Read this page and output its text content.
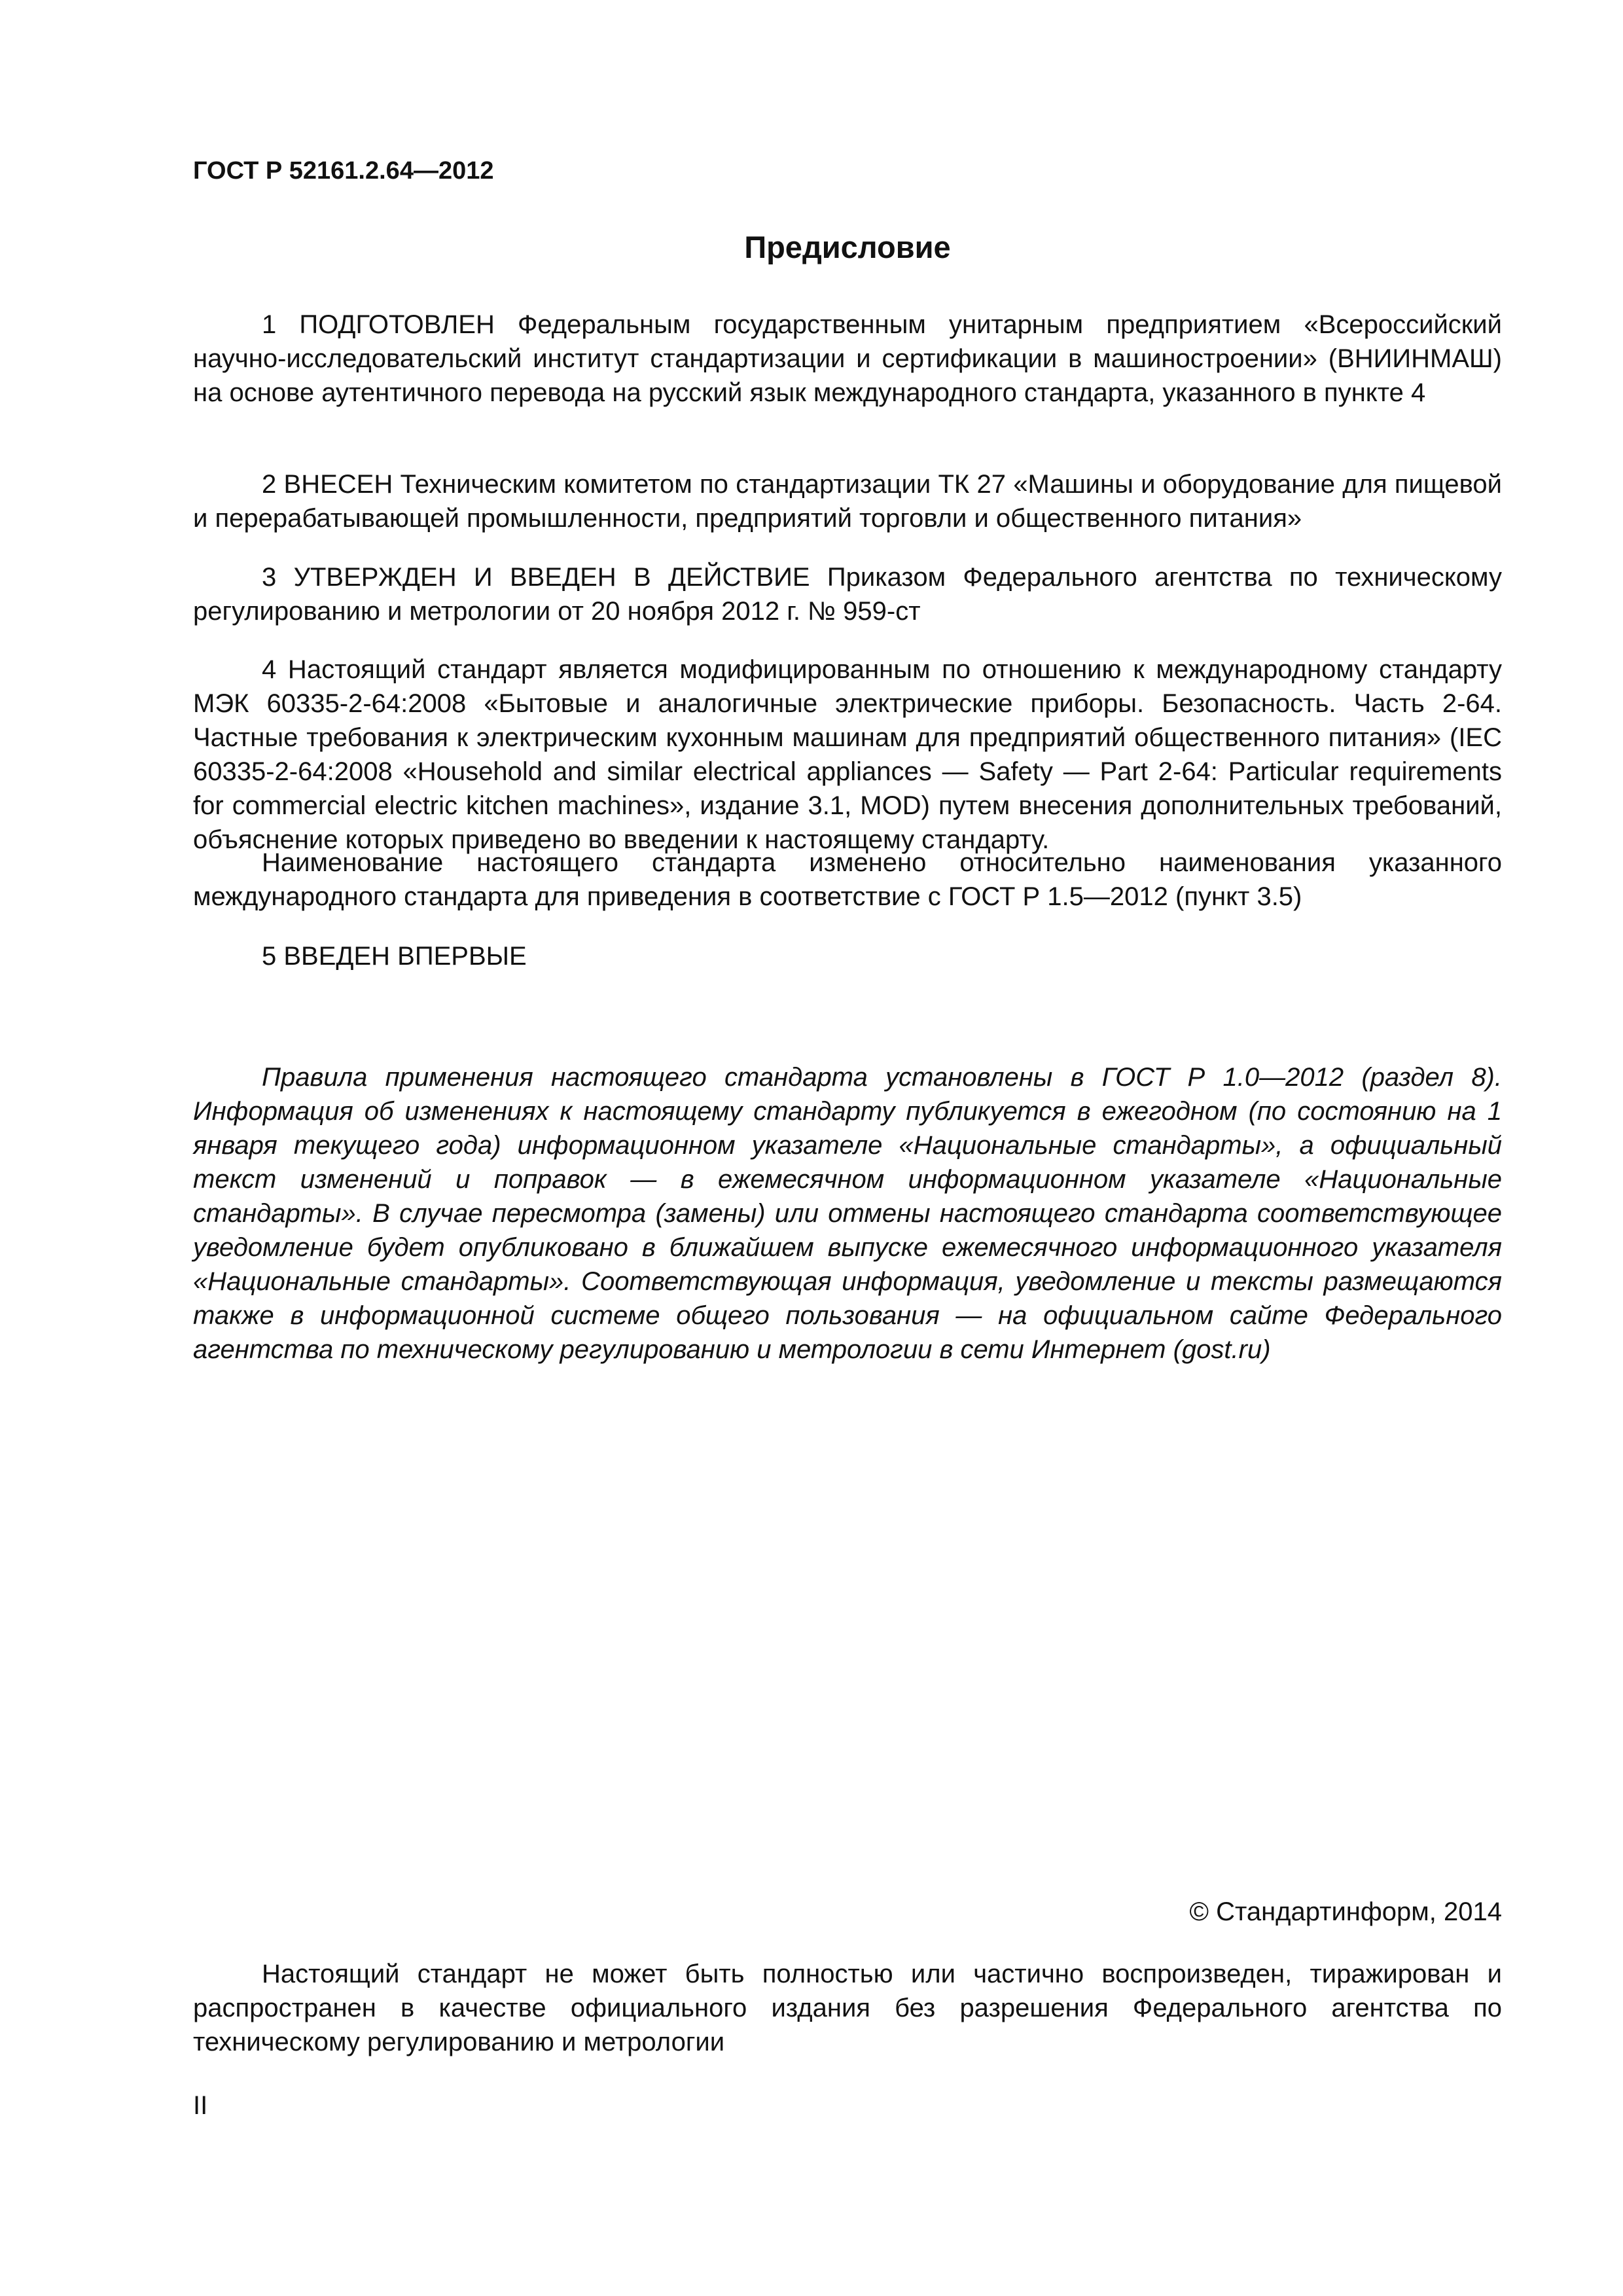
ГОСТ Р 52161.2.64—2012
Предисловие

1 ПОДГОТОВЛЕН Федеральным государственным унитарным предприятием «Всероссийский научно-исследовательский институт стандартизации и сертификации в машиностроении» (ВНИИНМАШ) на основе аутентичного перевода на русский язык международного стандарта, указанного в пункте 4

2 ВНЕСЕН Техническим комитетом по стандартизации ТК 27 «Машины и оборудование для пищевой и перерабатывающей промышленности, предприятий торговли и общественного питания»

3 УТВЕРЖДЕН И ВВЕДЕН В ДЕЙСТВИЕ Приказом Федерального агентства по техническому регулированию и метрологии от 20 ноября 2012 г. № 959-ст

4 Настоящий стандарт является модифицированным по отношению к международному стандарту МЭК 60335-2-64:2008 «Бытовые и аналогичные электрические приборы. Безопасность. Часть 2-64. Частные требования к электрическим кухонным машинам для предприятий общественного питания» (IEC 60335-2-64:2008 «Household and similar electrical appliances — Safety — Part 2-64: Particular requirements for commercial electric kitchen machines», издание 3.1, MOD) путем внесения дополнительных требований, объяснение которых приведено во введении к настоящему стандарту.

Наименование настоящего стандарта изменено относительно наименования указанного международного стандарта для приведения в соответствие с ГОСТ Р 1.5—2012 (пункт 3.5)

5 ВВЕДЕН ВПЕРВЫЕ

Правила применения настоящего стандарта установлены в ГОСТ Р 1.0—2012 (раздел 8). Информация об изменениях к настоящему стандарту публикуется в ежегодном (по состоянию на 1 января текущего года) информационном указателе «Национальные стандарты», а официальный текст изменений и поправок — в ежемесячном информационном указателе «Национальные стандарты». В случае пересмотра (замены) или отмены настоящего стандарта соответствующее уведомление будет опубликовано в ближайшем выпуске ежемесячного информационного указателя «Национальные стандарты». Соответствующая информация, уведомление и тексты размещаются также в информационной системе общего пользования — на официальном сайте Федерального агентства по техническому регулированию и метрологии в сети Интернет (gost.ru)

© Стандартинформ, 2014

Настоящий стандарт не может быть полностью или частично воспроизведен, тиражирован и распространен в качестве официального издания без разрешения Федерального агентства по техническому регулированию и метрологии

II
